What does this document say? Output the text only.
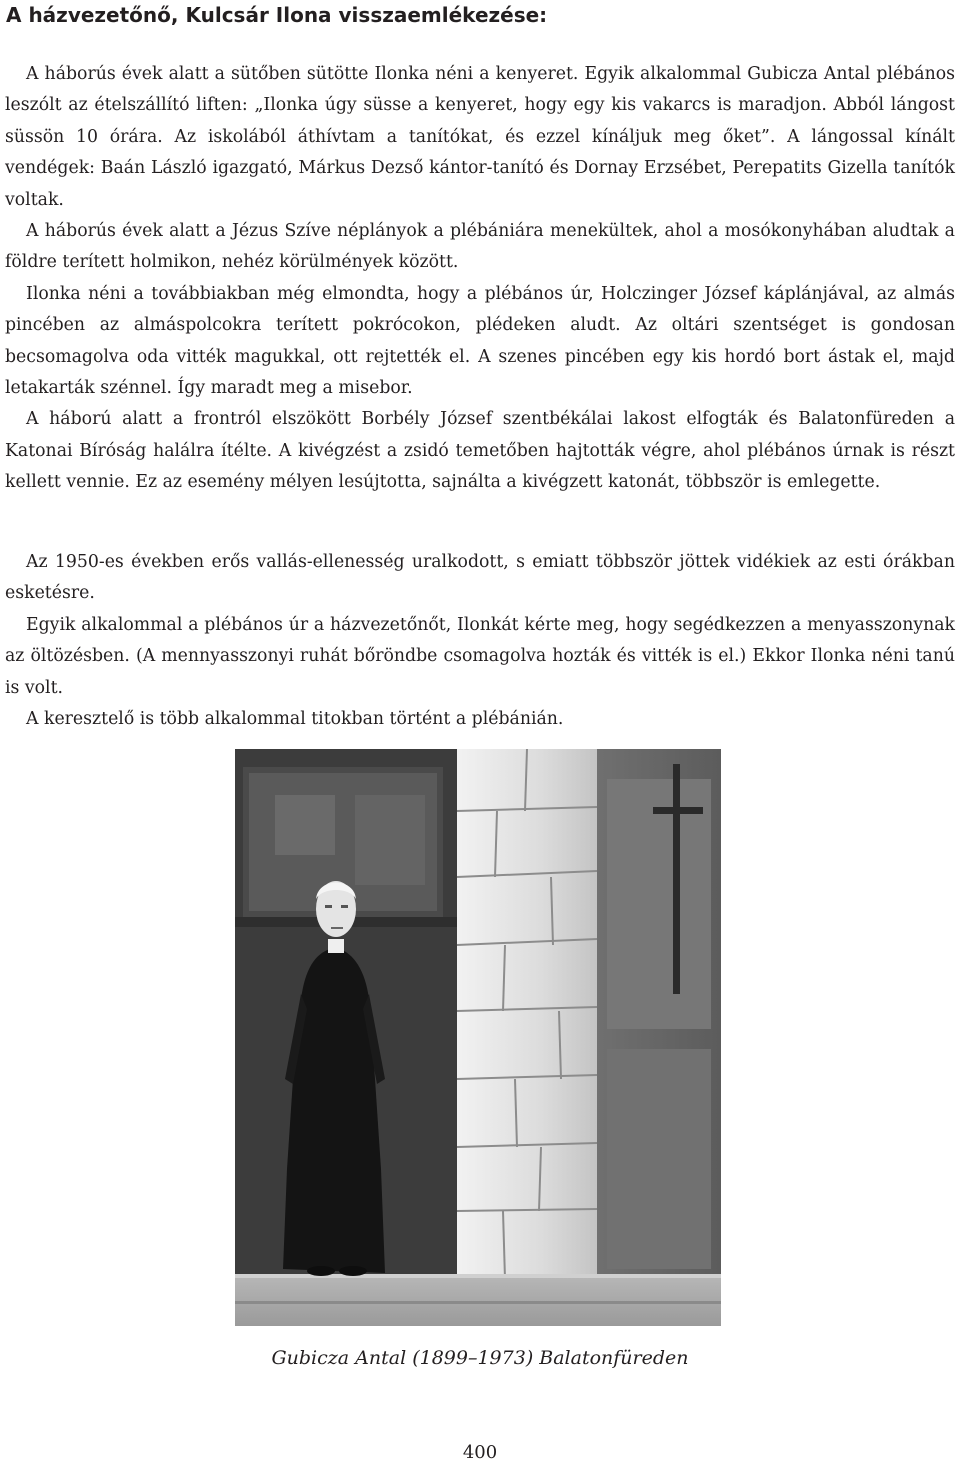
A házvezetőnő, Kulcsár Ilona visszaemlékezése:

A háborús évek alatt a sütőben sütötte Ilonka néni a kenyeret. Egyik alkalommal Gubicza Antal plébános leszólt az ételszállító liften: „Ilonka úgy süsse a kenyeret, hogy egy kis vakarcs is maradjon. Abból lángost süssön 10 órára. Az iskolából áthívtam a tanítókat, és ezzel kínáljuk meg őket”. A lángossal kínált vendégek: Baán László igazgató, Márkus Dezső kántor-tanító és Dornay Erzsébet, Perepatits Gizella tanítók voltak.

A háborús évek alatt a Jézus Szíve néplányok a plébániára menekültek, ahol a mosókonyhában aludtak a földre terített holmikon, nehéz körülmények között.

Ilonka néni a továbbiakban még elmondta, hogy a plébános úr, Holczinger József káplánjával, az almás pincében az almáspolcokra terített pokrócokon, plédeken aludt. Az oltári szentséget is gondosan becsomagolva oda vitték magukkal, ott rejtették el. A szenes pincében egy kis hordó bort ástak el, majd letakarták szénnel. Így maradt meg a misebor.

A háború alatt a frontról elszökött Borbély József szentbékálai lakost elfogták és Balatonfüreden a Katonai Bíróság halálra ítélte. A kivégzést a zsidó temetőben hajtották végre, ahol plébános úrnak is részt kellett vennie. Ez az esemény mélyen lesújtotta, sajnálta a kivégzett katonát, többször is emlegette.

Az 1950-es években erős vallás-ellenesség uralkodott, s emiatt többször jöttek vidékiek az esti órákban esketésre.

Egyik alkalommal a plébános úr a házvezetőnőt, Ilonkát kérte meg, hogy segédkezzen a menyasszonynak az öltözésben. (A mennyasszonyi ruhát bőröndbe csomagolva hozták és vitték is el.) Ekkor Ilonka néni tanú is volt.

A keresztelő is több alkalommal titokban történt a plébánián.

Gubicza Antal (1899–1973) Balatonfüreden

400
